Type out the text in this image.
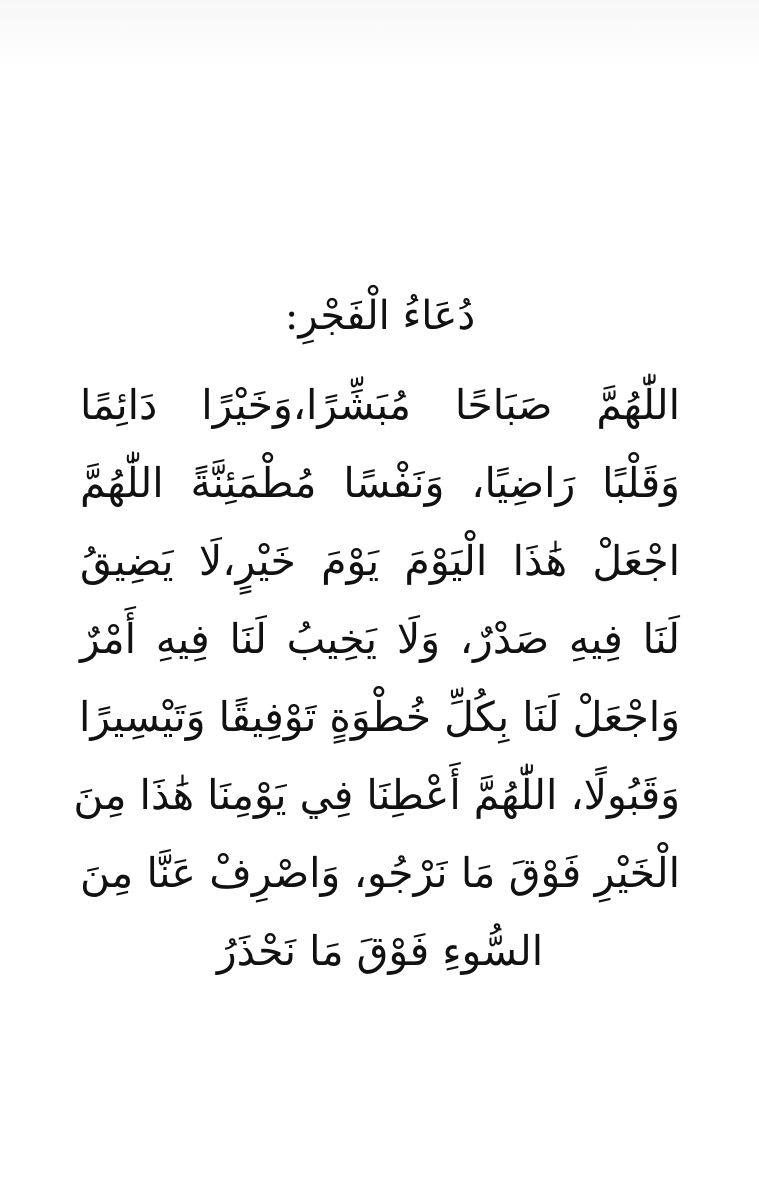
دُعَاءُ الْفَجْرِ:
اللّٰهُمَّ صَبَاحًا مُبَشِّرًا،وَخَيْرًا دَائِمًا
وَقَلْبًا رَاضِيًا، وَنَفْسًا مُطْمَئِنَّةً اللّٰهُمَّ
اجْعَلْ هَٰذَا الْيَوْمَ يَوْمَ خَيْرٍ،لَا يَضِيقُ
لَنَا فِيهِ صَدْرٌ، وَلَا يَخِيبُ لَنَا فِيهِ أَمْرٌ
وَاجْعَلْ لَنَا بِكُلِّ خُطْوَةٍ تَوْفِيقًا وَتَيْسِيرًا
وَقَبُولًا، اللّٰهُمَّ أَعْطِنَا فِي يَوْمِنَا هَٰذَا مِنَ
الْخَيْرِ فَوْقَ مَا نَرْجُو، وَاصْرِفْ عَنَّا مِنَ
السُّوءِ فَوْقَ مَا نَحْذَرُ
